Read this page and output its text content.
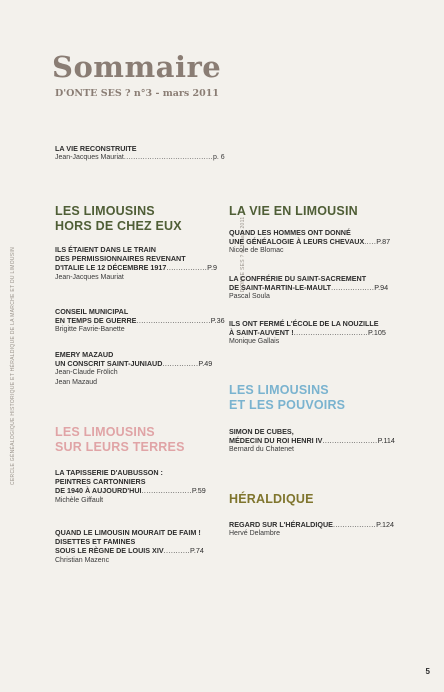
Sommaire
D'ONTE SES ? n°3 - mars 2011
CERCLE GÉNÉALOGIQUE HISTORIQUE ET HÉRALDIQUE DE LA MARCHE ET DU LIMOUSIN	D'ONTE SES ? n°3 mars 2011
LA VIE RECONSTRUITE
Jean-Jacques Mauriat......................................p. 6
LES LIMOUSINS
HORS DE CHEZ EUX
ILS ÉTAIENT DANS LE TRAIN
DES PERMISSIONNAIRES REVENANT
D'ITALIE LE 12 DÉCEMBRE 1917.................P.9
Jean-Jacques Mauriat
CONSEIL MUNICIPAL
EN TEMPS DE GUERRE...............................P.36
Brigitte Favrie-Banette
EMERY MAZAUD
UN CONSCRIT SAINT-JUNIAUD...............P.49
Jean-Claude Frölich
Jean Mazaud
LES LIMOUSINS
SUR LEURS TERRES
LA TAPISSERIE D'AUBUSSON :
PEINTRES CARTONNIERS
DE 1940 À AUJOURD'HUI.....................P.59
Michèle Giffault
QUAND LE LIMOUSIN MOURAIT DE FAIM !
DISETTES ET FAMINES
SOUS LE RÈGNE DE LOUIS XIV...........P.74
Christian Mazenc
LA VIE EN LIMOUSIN
QUAND LES HOMMES ONT DONNÉ
UNE GÉNÉALOGIE À LEURS CHEVAUX.....P.87
Nicole de Blomac
LA CONFRÉRIE DU SAINT-SACREMENT
DE SAINT-MARTIN-LE-MAULT..................P.94
Pascal Soula
ILS ONT FERMÉ L'ÉCOLE DE LA NOUZILLE
À SAINT-AUVENT !...............................P.105
Monique Gallais
LES LIMOUSINS
ET LES POUVOIRS
SIMON DE CUBES,
MÉDECIN DU ROI HENRI IV.......................P.114
Bernard du Chatenet
HÉRALDIQUE
REGARD SUR L'HÉRALDIQUE..................P.124
Hervé Delambre
5
